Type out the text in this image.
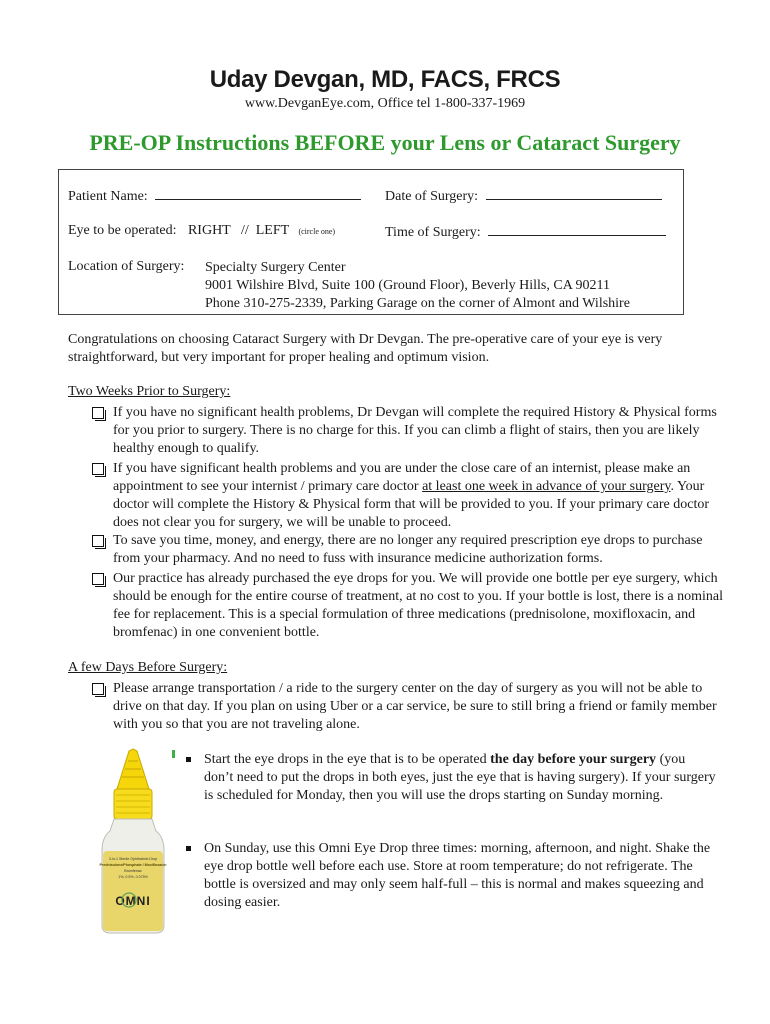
Uday Devgan, MD, FACS, FRCS
www.DevganEye.com, Office tel 1-800-337-1969
PRE-OP Instructions BEFORE your Lens or Cataract Surgery
Patient Name:	Date of Surgery:
Eye to be operated: RIGHT   //  LEFT (circle one)	Time of Surgery:
Location of Surgery: Specialty Surgery Center
9001 Wilshire Blvd, Suite 100 (Ground Floor), Beverly Hills, CA 90211
Phone 310-275-2339, Parking Garage on the corner of Almont and Wilshire

Congratulations on choosing Cataract Surgery with Dr Devgan. The pre-operative care of your eye is very straightforward, but very important for proper healing and optimum vision.

Two Weeks Prior to Surgery:
If you have no significant health problems, Dr Devgan will complete the required History & Physical forms for you prior to surgery. There is no charge for this. If you can climb a flight of stairs, then you are likely healthy enough to qualify.
If you have significant health problems and you are under the close care of an internist, please make an appointment to see your internist / primary care doctor at least one week in advance of your surgery. Your doctor will complete the History & Physical form that will be provided to you. If your primary care doctor does not clear you for surgery, we will be unable to proceed.
To save you time, money, and energy, there are no longer any required prescription eye drops to purchase from your pharmacy. And no need to fuss with insurance medicine authorization forms.
Our practice has already purchased the eye drops for you. We will provide one bottle per eye surgery, which should be enough for the entire course of treatment, at no cost to you. If your bottle is lost, there is a nominal fee for replacement. This is a special formulation of three medications (prednisolone, moxifloxacin, and bromfenac) in one convenient bottle.
A few Days Before Surgery:
Please arrange transportation / a ride to the surgery center on the day of surgery as you will not be able to drive on that day. If you plan on using Uber or a car service, be sure to still bring a friend or family member with you so that you are not traveling alone.
3-in-1 Sterile Ophthalmic Drop
Prednisolone/Phosphate / Moxifloxacin
Bromfenac
1%, 0.5%, 0.075%
OMNI
Start the eye drops in the eye that is to be operated the day before your surgery (you don’t need to put the drops in both eyes, just the eye that is having surgery). If your surgery is scheduled for Monday, then you will use the drops starting on Sunday morning.
On Sunday, use this Omni Eye Drop three times: morning, afternoon, and night. Shake the eye drop bottle well before each use. Store at room temperature; do not refrigerate. The bottle is oversized and may only seem half-full – this is normal and makes squeezing and dosing easier.
